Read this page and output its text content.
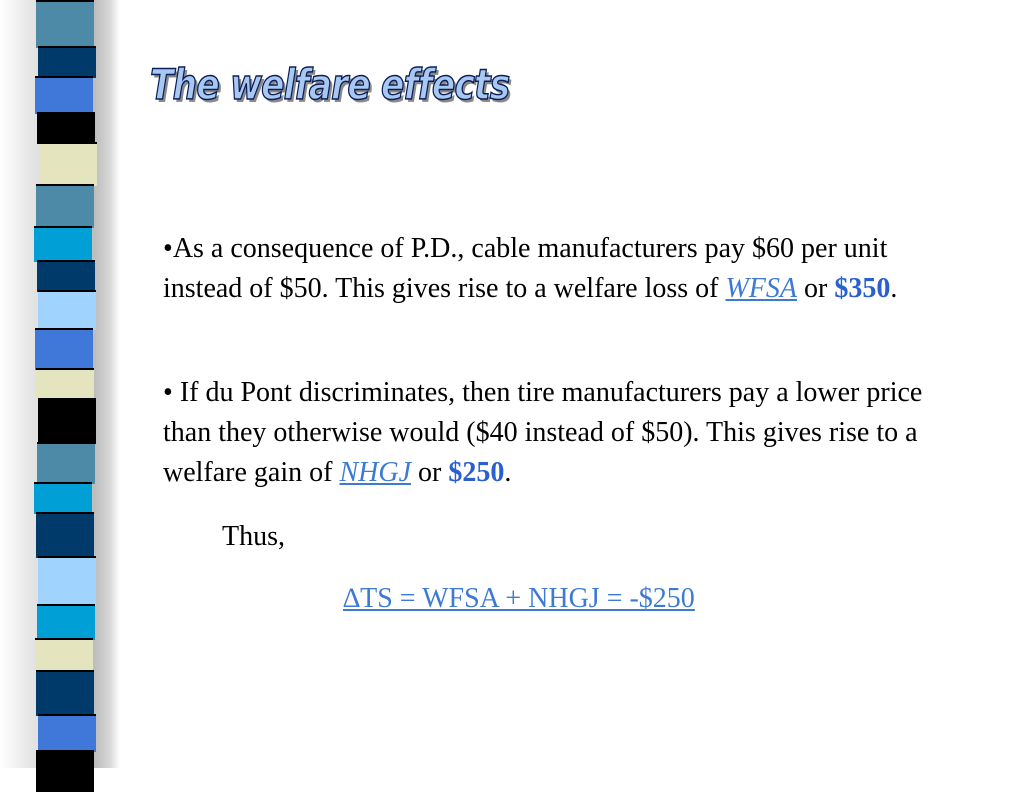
The welfare effects

•As a consequence of P.D., cable manufacturers pay $60 per unit instead of $50. This gives rise to a welfare loss of WFSA or $350.

• If du Pont discriminates, then tire manufacturers pay a lower price than they otherwise would ($40 instead of $50). This gives rise to a welfare gain of NHGJ or $250.

Thus,

∆TS = WFSA + NHGJ = -$250
